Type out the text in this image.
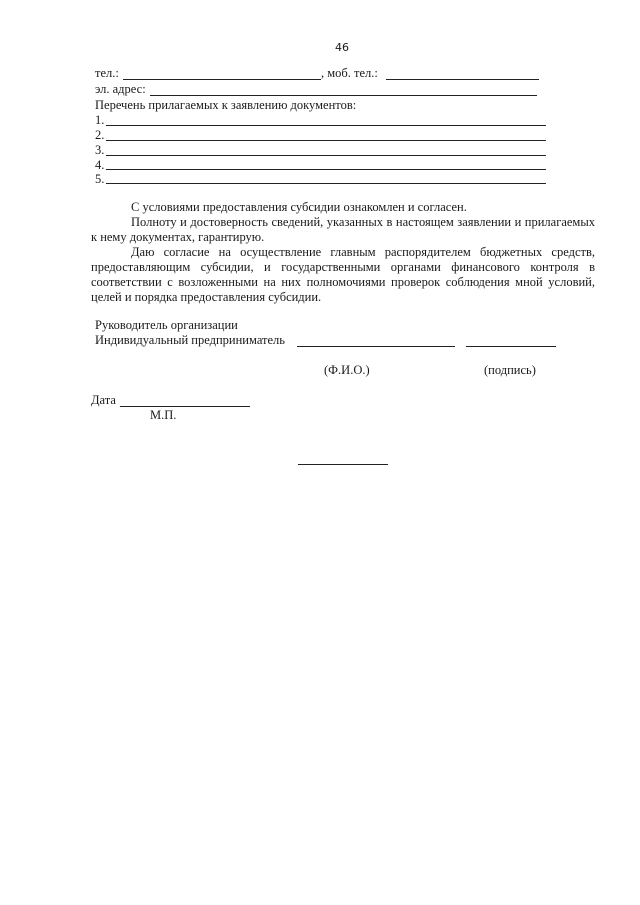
46
тел.:	, моб. тел.:
эл. адрес:
Перечень прилагаемых к заявлению документов:
1.
2.
3.
4.
5.
С условиями предоставления субсидии ознакомлен и согласен.
Полноту и достоверность сведений, указанных в настоящем заявлении и прилагаемых к нему документах, гарантирую.
Даю согласие на осуществление главным распорядителем бюджетных средств, предоставляющим субсидии, и государственными органами финансового контроля в соответствии с возложенными на них полномочиями проверок соблюдения мной условий, целей и порядка предоставления субсидии.
Руководитель организации
Индивидуальный предприниматель
(Ф.И.О.)	(подпись)
Дата
М.П.
